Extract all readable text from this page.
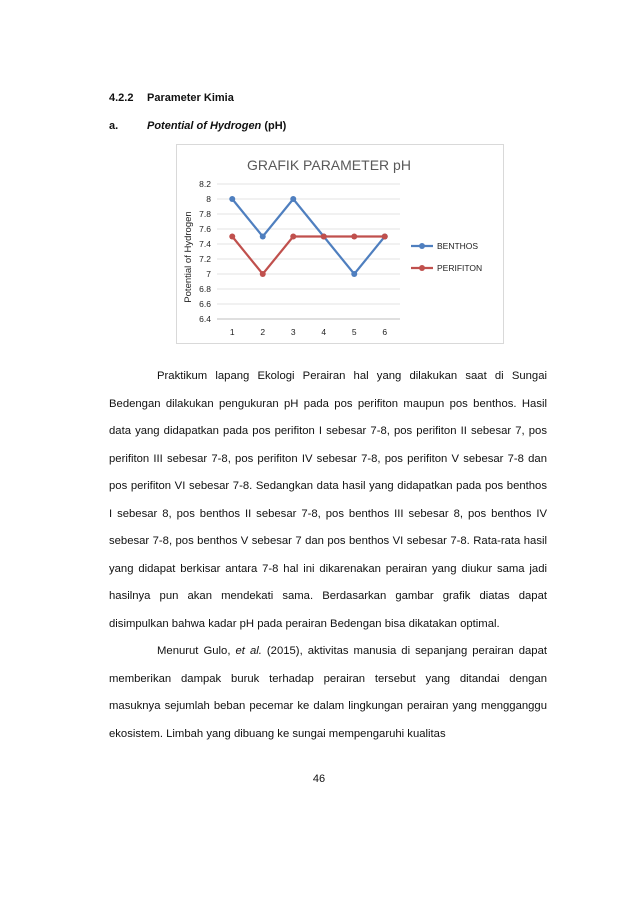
4.2.2 Parameter Kimia
a.	Potential of Hydrogen (pH)
GRAFIK PARAMETER pH
Potential of Hydrogen
6.4
6.6
6.8
7
7.2
7.4
7.6
7.8
8
8.2
1	2	3	4	5	6
BENTHOS
PERIFITON
Praktikum lapang Ekologi Perairan hal yang dilakukan saat di Sungai Bedengan dilakukan pengukuran pH pada pos perifiton maupun pos benthos. Hasil data yang didapatkan pada pos perifiton I sebesar 7-8, pos perifiton II sebesar 7, pos perifiton III sebesar 7-8, pos perifiton IV sebesar 7-8, pos perifiton V sebesar 7-8 dan pos perifiton VI sebesar 7-8. Sedangkan data hasil yang didapatkan pada pos benthos I sebesar 8, pos benthos II sebesar 7-8, pos benthos III sebesar 8, pos benthos IV sebesar 7-8, pos benthos V sebesar 7 dan pos benthos VI sebesar 7-8. Rata-rata hasil yang didapat berkisar antara 7-8 hal ini dikarenakan perairan yang diukur sama jadi hasilnya pun akan mendekati sama. Berdasarkan gambar grafik diatas dapat disimpulkan bahwa kadar pH pada perairan Bedengan bisa dikatakan optimal.
Menurut Gulo, et al. (2015), aktivitas manusia di sepanjang perairan dapat memberikan dampak buruk terhadap perairan tersebut yang ditandai dengan masuknya sejumlah beban pecemar ke dalam lingkungan perairan yang mengganggu ekosistem. Limbah yang dibuang ke sungai mempengaruhi kualitas
46
